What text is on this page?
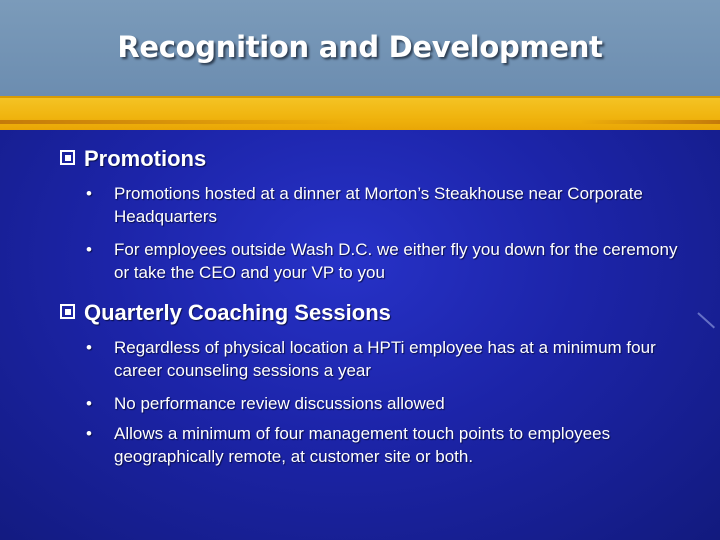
Recognition and Development
Promotions
•	Promotions hosted at a dinner at Morton’s Steakhouse near Corporate Headquarters
•	For employees outside Wash D.C. we either fly you down for the ceremony or take the CEO and your VP to you
Quarterly Coaching Sessions
•	Regardless of physical location a HPTi employee has at a minimum four career counseling sessions a year
•	No performance review discussions allowed
•	Allows a minimum of four management touch points to employees geographically remote, at customer site or both.
